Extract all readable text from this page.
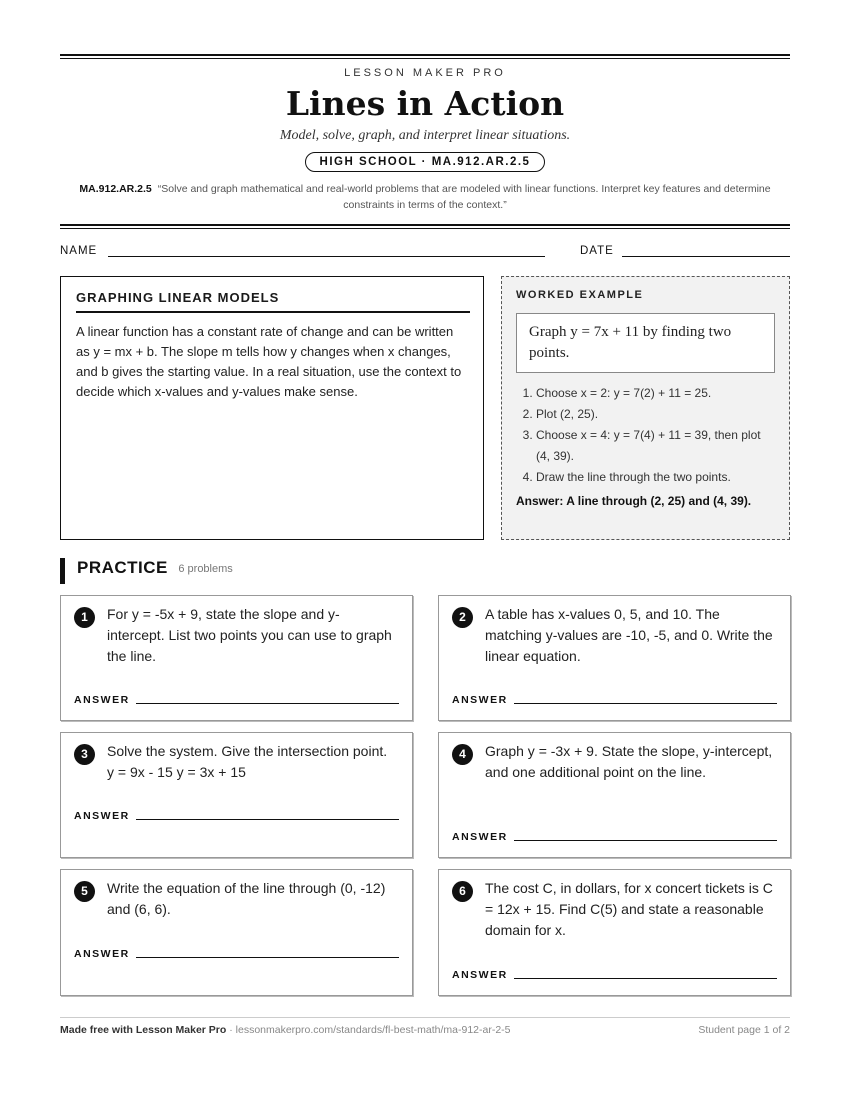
LESSON MAKER PRO
Lines in Action
Model, solve, graph, and interpret linear situations.
HIGH SCHOOL · MA.912.AR.2.5
MA.912.AR.2.5 “Solve and graph mathematical and real-world problems that are modeled with linear functions. Interpret key features and determine constraints in terms of the context.”
NAME	DATE
GRAPHING LINEAR MODELS
A linear function has a constant rate of change and can be written as y = mx + b. The slope m tells how y changes when x changes, and b gives the starting value. In a real situation, use the context to decide which x-values and y-values make sense.
WORKED EXAMPLE
Graph y = 7x + 11 by finding two points.
1. Choose x = 2: y = 7(2) + 11 = 25.
2. Plot (2, 25).
3. Choose x = 4: y = 7(4) + 11 = 39, then plot (4, 39).
4. Draw the line through the two points.
Answer: A line through (2, 25) and (4, 39).
PRACTICE 6 problems
1	For y = -5x + 9, state the slope and y-intercept. List two points you can use to graph the line.
ANSWER
2	A table has x-values 0, 5, and 10. The matching y-values are -10, -5, and 0. Write the linear equation.
ANSWER
3	Solve the system. Give the intersection point. y = 9x - 15 y = 3x + 15
ANSWER
4	Graph y = -3x + 9. State the slope, y-intercept, and one additional point on the line.
ANSWER
5	Write the equation of the line through (0, -12) and (6, 6).
ANSWER
6	The cost C, in dollars, for x concert tickets is C = 12x + 15. Find C(5) and state a reasonable domain for x.
ANSWER
Made free with Lesson Maker Pro · lessonmakerpro.com/standards/fl-best-math/ma-912-ar-2-5	Student page 1 of 2
